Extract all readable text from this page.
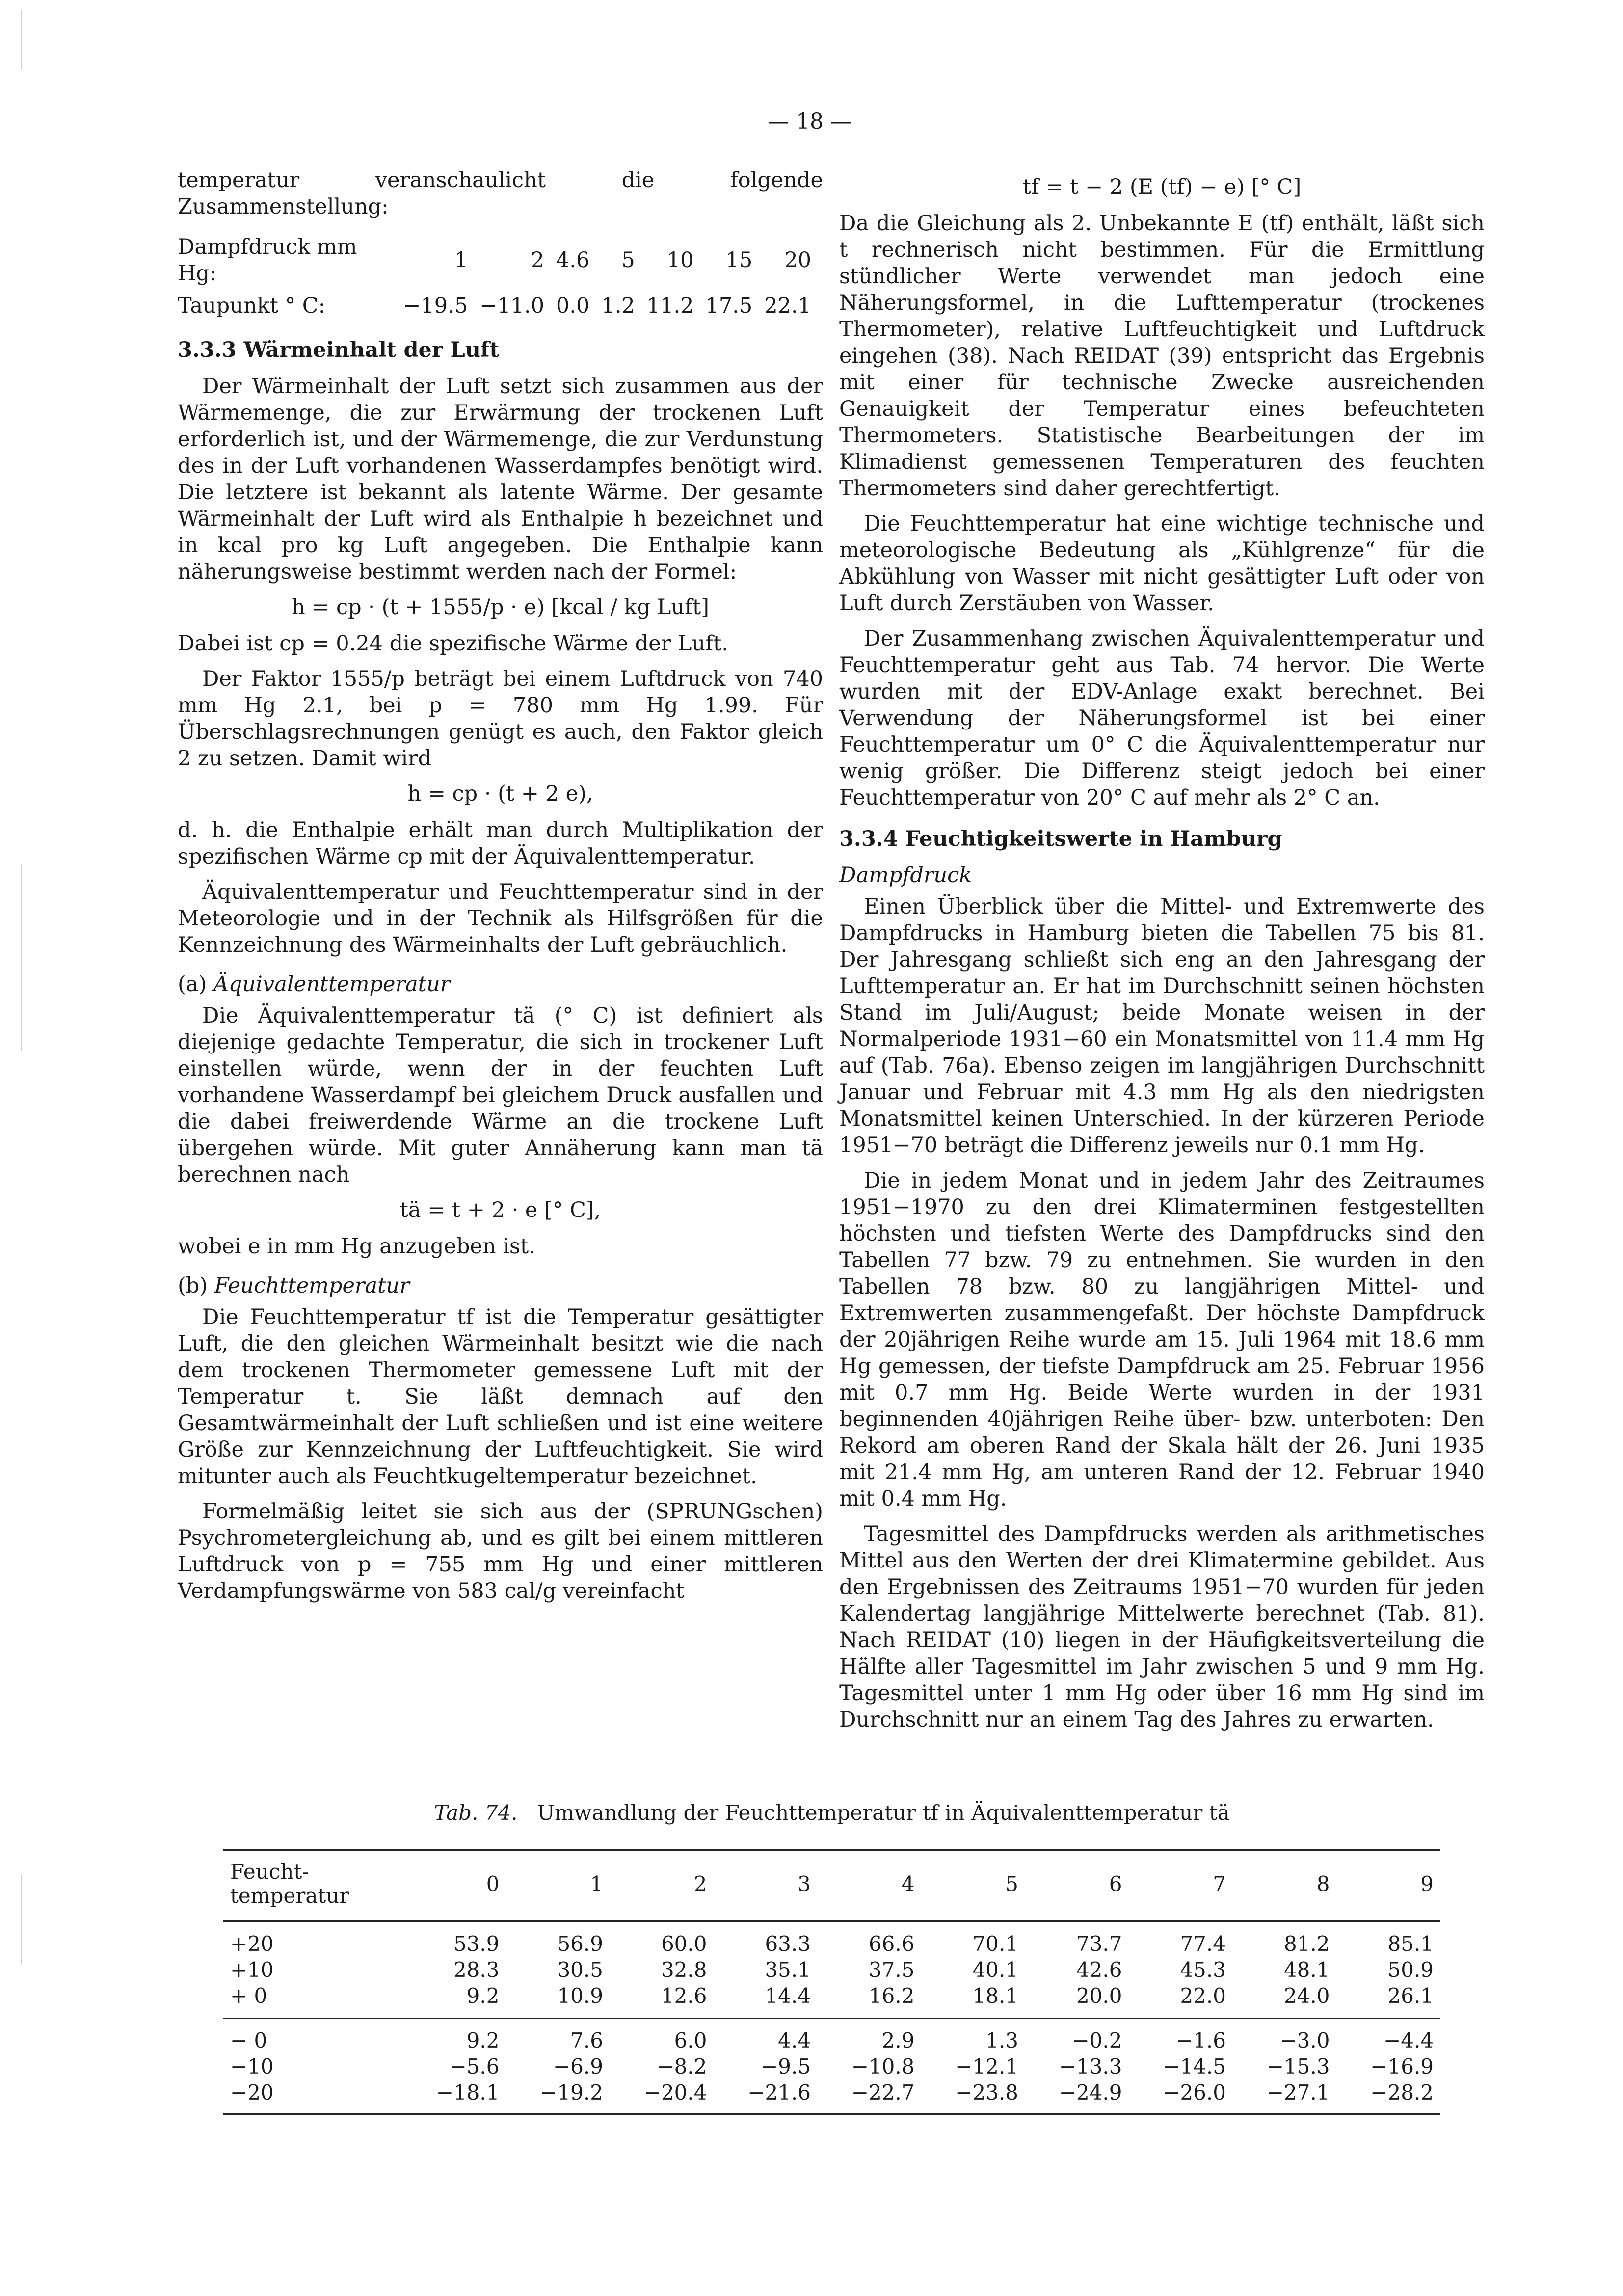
— 18 —

temperatur veranschaulicht die folgende Zusammenstellung:

Dampfdruck mm Hg:	1	2	4.6	5	10	15	20
Taupunkt ° C:	−19.5	−11.0	0.0	1.2	11.2	17.5	22.1
3.3.3 Wärmeinhalt der Luft

Der Wärmeinhalt der Luft setzt sich zusammen aus der Wärmemenge, die zur Erwärmung der trockenen Luft erforderlich ist, und der Wärmemenge, die zur Verdunstung des in der Luft vorhandenen Wasserdampfes benötigt wird. Die letztere ist bekannt als latente Wärme. Der gesamte Wärmeinhalt der Luft wird als Enthalpie h bezeichnet und in kcal pro kg Luft angegeben. Die Enthalpie kann näherungsweise bestimmt werden nach der Formel:

h = cp · (t + 1555/p · e) [kcal / kg Luft]

Dabei ist cp = 0.24 die spezifische Wärme der Luft.

Der Faktor 1555/p beträgt bei einem Luftdruck von 740 mm Hg 2.1, bei p = 780 mm Hg 1.99. Für Überschlagsrechnungen genügt es auch, den Faktor gleich 2 zu setzen. Damit wird

h = cp · (t + 2 e),

d. h. die Enthalpie erhält man durch Multiplikation der spezifischen Wärme cp mit der Äquivalenttemperatur.

Äquivalenttemperatur und Feuchttemperatur sind in der Meteorologie und in der Technik als Hilfsgrößen für die Kennzeichnung des Wärmeinhalts der Luft gebräuchlich.

(a) Äquivalenttemperatur

Die Äquivalenttemperatur tä (° C) ist definiert als diejenige gedachte Temperatur, die sich in trockener Luft einstellen würde, wenn der in der feuchten Luft vorhandene Wasserdampf bei gleichem Druck ausfallen und die dabei freiwerdende Wärme an die trockene Luft übergehen würde. Mit guter Annäherung kann man tä berechnen nach

tä = t + 2 · e [° C],

wobei e in mm Hg anzugeben ist.

(b) Feuchttemperatur

Die Feuchttemperatur tf ist die Temperatur gesättigter Luft, die den gleichen Wärmeinhalt besitzt wie die nach dem trockenen Thermometer gemessene Luft mit der Temperatur t. Sie läßt demnach auf den Gesamtwärmeinhalt der Luft schließen und ist eine weitere Größe zur Kennzeichnung der Luftfeuchtigkeit. Sie wird mitunter auch als Feuchtkugeltemperatur bezeichnet.

Formelmäßig leitet sie sich aus der (SPRUNGschen) Psychrometergleichung ab, und es gilt bei einem mittleren Luftdruck von p = 755 mm Hg und einer mittleren Verdampfungswärme von 583 cal/g vereinfacht

tf = t − 2 (E (tf) − e) [° C]

Da die Gleichung als 2. Unbekannte E (tf) enthält, läßt sich t rechnerisch nicht bestimmen. Für die Ermittlung stündlicher Werte verwendet man jedoch eine Näherungsformel, in die Lufttemperatur (trockenes Thermometer), relative Luftfeuchtigkeit und Luftdruck eingehen (38). Nach REIDAT (39) entspricht das Ergebnis mit einer für technische Zwecke ausreichenden Genauigkeit der Temperatur eines befeuchteten Thermometers. Statistische Bearbeitungen der im Klimadienst gemessenen Temperaturen des feuchten Thermometers sind daher gerechtfertigt.

Die Feuchttemperatur hat eine wichtige technische und meteorologische Bedeutung als „Kühlgrenze“ für die Abkühlung von Wasser mit nicht gesättigter Luft oder von Luft durch Zerstäuben von Wasser.

Der Zusammenhang zwischen Äquivalenttemperatur und Feuchttemperatur geht aus Tab. 74 hervor. Die Werte wurden mit der EDV-Anlage exakt berechnet. Bei Verwendung der Näherungsformel ist bei einer Feuchttemperatur um 0° C die Äquivalenttemperatur nur wenig größer. Die Differenz steigt jedoch bei einer Feuchttemperatur von 20° C auf mehr als 2° C an.

3.3.4 Feuchtigkeitswerte in Hamburg
Dampfdruck

Einen Überblick über die Mittel- und Extremwerte des Dampfdrucks in Hamburg bieten die Tabellen 75 bis 81. Der Jahresgang schließt sich eng an den Jahresgang der Lufttemperatur an. Er hat im Durchschnitt seinen höchsten Stand im Juli/August; beide Monate weisen in der Normalperiode 1931−60 ein Monatsmittel von 11.4 mm Hg auf (Tab. 76a). Ebenso zeigen im langjährigen Durchschnitt Januar und Februar mit 4.3 mm Hg als den niedrigsten Monatsmittel keinen Unterschied. In der kürzeren Periode 1951−70 beträgt die Differenz jeweils nur 0.1 mm Hg.

Die in jedem Monat und in jedem Jahr des Zeitraumes 1951−1970 zu den drei Klimaterminen festgestellten höchsten und tiefsten Werte des Dampfdrucks sind den Tabellen 77 bzw. 79 zu entnehmen. Sie wurden in den Tabellen 78 bzw. 80 zu langjährigen Mittel- und Extremwerten zusammengefaßt. Der höchste Dampfdruck der 20jährigen Reihe wurde am 15. Juli 1964 mit 18.6 mm Hg gemessen, der tiefste Dampfdruck am 25. Februar 1956 mit 0.7 mm Hg. Beide Werte wurden in der 1931 beginnenden 40jährigen Reihe über- bzw. unterboten: Den Rekord am oberen Rand der Skala hält der 26. Juni 1935 mit 21.4 mm Hg, am unteren Rand der 12. Februar 1940 mit 0.4 mm Hg.

Tagesmittel des Dampfdrucks werden als arithmetisches Mittel aus den Werten der drei Klimatermine gebildet. Aus den Ergebnissen des Zeitraums 1951−70 wurden für jeden Kalendertag langjährige Mittelwerte berechnet (Tab. 81). Nach REIDAT (10) liegen in der Häufigkeitsverteilung die Hälfte aller Tagesmittel im Jahr zwischen 5 und 9 mm Hg. Tagesmittel unter 1 mm Hg oder über 16 mm Hg sind im Durchschnitt nur an einem Tag des Jahres zu erwarten.

Tab. 74. Umwandlung der Feuchttemperatur tf in Äquivalenttemperatur tä
Feucht-
temperatur	0	1	2	3	4	5	6	7	8	9
+20	53.9	56.9	60.0	63.3	66.6	70.1	73.7	77.4	81.2	85.1
+10	28.3	30.5	32.8	35.1	37.5	40.1	42.6	45.3	48.1	50.9
+ 0	9.2	10.9	12.6	14.4	16.2	18.1	20.0	22.0	24.0	26.1
− 0	9.2	7.6	6.0	4.4	2.9	1.3	−0.2	−1.6	−3.0	−4.4
−10	−5.6	−6.9	−8.2	−9.5	−10.8	−12.1	−13.3	−14.5	−15.3	−16.9
−20	−18.1	−19.2	−20.4	−21.6	−22.7	−23.8	−24.9	−26.0	−27.1	−28.2
